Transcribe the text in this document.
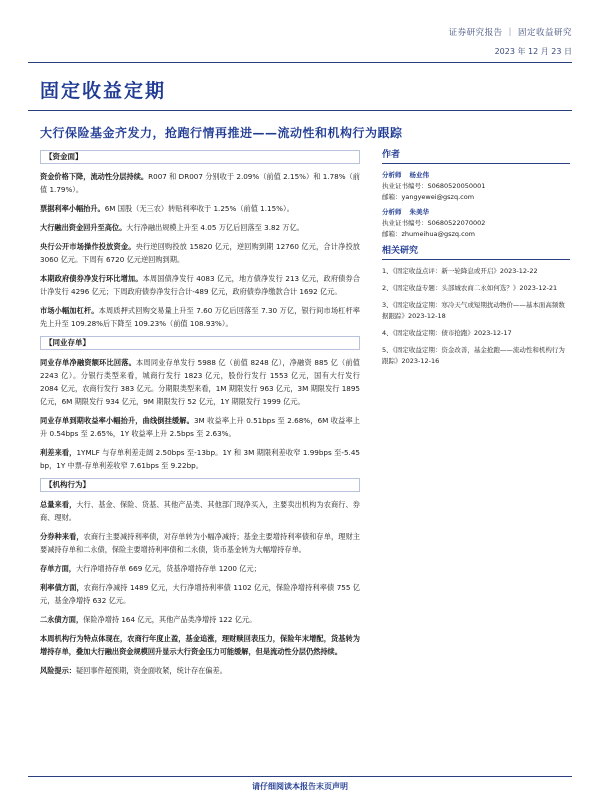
证券研究报告 ｜ 固定收益研究
2023 年 12 月 23 日
固定收益定期
大行保险基金齐发力，抢跑行情再推进——流动性和机构行为跟踪
【资金面】
资金价格下降，流动性分层持续。R007 和 DR007 分别收于 2.09%（前值 2.15%）和 1.78%（前值 1.79%）。
票据利率小幅抬升。6M 国股（无三农）转贴利率收于 1.25%（前值 1.15%）。
大行融出资金回升至高位。大行净融出规模上升至 4.05 万亿后回落至 3.82 万亿。
央行公开市场操作投放资金。央行逆回购投放 15820 亿元，逆回购到期 12760 亿元，合计净投放 3060 亿元。下周有 6720 亿元逆回购到期。
本期政府债券净发行环比增加。本周国债净发行 4083 亿元，地方债净发行 213 亿元，政府债券合计净发行 4296 亿元；下周政府债券净发行合计-489 亿元，政府债券净缴款合计 1692 亿元。
市场小幅加杠杆。本周质押式回购交易量上升至 7.60 万亿后回落至 7.30 万亿，银行间市场杠杆率先上升至 109.28%后下降至 109.23%（前值 108.93%）。
【同业存单】
同业存单净融资额环比回落。本周同业存单发行 5988 亿（前值 8248 亿），净融资 885 亿（前值 2243 亿）。分银行类型来看，城商行发行 1823 亿元，股份行发行 1553 亿元，国有大行发行 2084 亿元，农商行发行 383 亿元。分期限类型来看，1M 期限发行 963 亿元，3M 期限发行 1895 亿元，6M 期限发行 934 亿元，9M 期限发行 52 亿元，1Y 期限发行 1999 亿元。
同业存单到期收益率小幅抬升，曲线倒挂缓解。3M 收益率上升 0.51bps 至 2.68%，6M 收益率上升 0.54bps 至 2.65%，1Y 收益率上升 2.5bps 至 2.63%。
利差来看，1YMLF 与存单利差走阔 2.50bps 至-13bp。1Y 和 3M 期限利差收窄 1.99bps 至-5.45 bp，1Y 中票-存单利差收窄 7.61bps 至 9.22bp。
【机构行为】
总量来看，大行、基金、保险、货基、其他产品类、其他部门现净买入，主要卖出机构为农商行、券商、理财。
分券种来看，农商行主要减持利率债，对存单转为小幅净减持；基金主要增持利率债和存单，理财主要减持存单和二永债，保险主要增持利率债和二永债，货币基金转为大幅增持存单。
存单方面，大行净增持存单 669 亿元，货基净增持存单 1200 亿元；
利率债方面，农商行净减持 1489 亿元，大行净增持利率债 1102 亿元，保险净增持利率债 755 亿元，基金净增持 632 亿元。
二永债方面，保险净增持 164 亿元，其他产品类净增持 122 亿元。
本周机构行为特点体现在，农商行年度止盈，基金追涨，理财赎回表压力，保险年末增配，货基转为增持存单，叠加大行融出资金规模回升显示大行资金压力可能缓解，但是流动性分层仍然持续。
风险提示：疑回事件超预期，资金面收紧，统计存在偏差。
作者
分析师 杨业伟
执业证书编号：S0680520050001
邮箱：yangyewei@gszq.com
分析师 朱美华
执业证书编号：S0680522070002
邮箱：zhumeihua@gszq.com
相关研究
1、《固定收益点评：新一轮降息或开启》2023-12-22
2、《固定收益专题：头部城农商二永如何选？》2023-12-21
3、《固定收益定期：寒冷天气或短期扰动物价——基本面高频数据跟踪》2023-12-18
4、《固定收益定期：债市抢跑》2023-12-17
5、《固定收益定期：资金改善，基金抢跑——流动性和机构行为跟踪》2023-12-16
请仔细阅读本报告末页声明
